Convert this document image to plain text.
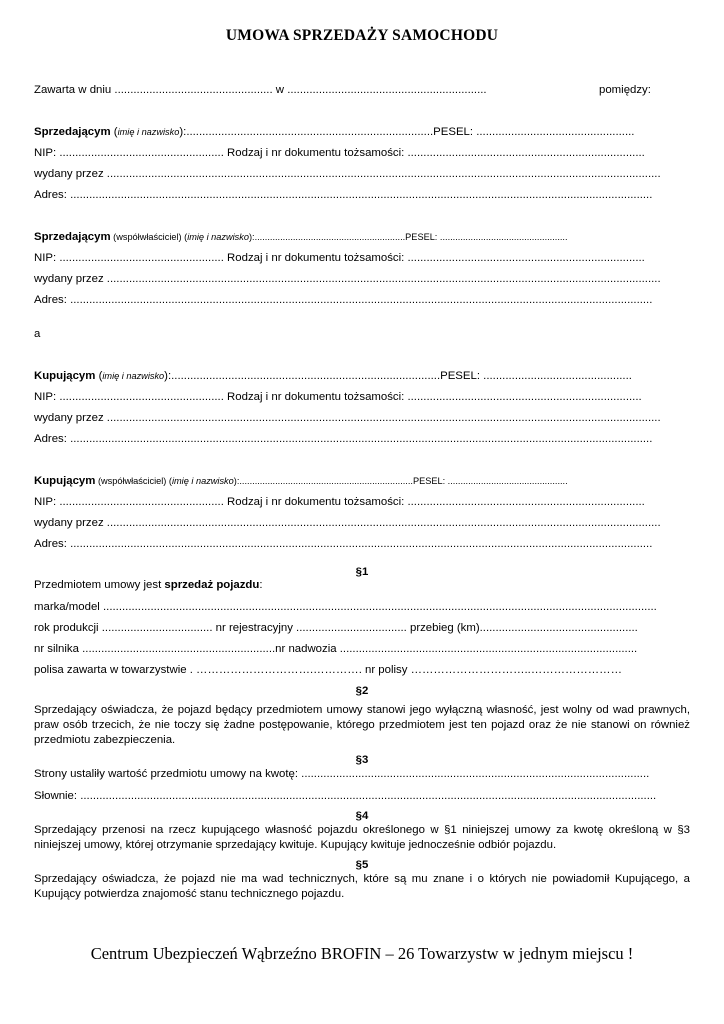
UMOWA SPRZEDAŻY SAMOCHODU
Zawarta w dniu .................................................. w ...............................................................	pomiędzy:
Sprzedającym (imię i nazwisko):..............................................................................PESEL: ..................................................
NIP: .................................................... Rodzaj i nr dokumentu tożsamości: ...........................................................................
wydany przez ...............................................................................................................................................................................
Adres: ........................................................................................................................................................................................
Sprzedającym (współwłaściciel) (imię i nazwisko):...........................................................PESEL: ..................................................
NIP: .................................................... Rodzaj i nr dokumentu tożsamości: ...........................................................................
wydany przez ...............................................................................................................................................................................
Adres: ........................................................................................................................................................................................
a
Kupującym (imię i nazwisko):.....................................................................................PESEL: ...............................................
NIP: .................................................... Rodzaj i nr dokumentu tożsamości: ..........................................................................
wydany przez ...............................................................................................................................................................................
Adres: ........................................................................................................................................................................................
Kupującym (współwłaściciel) (imię i nazwisko):....................................................................PESEL: ...............................................
NIP: .................................................... Rodzaj i nr dokumentu tożsamości: ...........................................................................
wydany przez ...............................................................................................................................................................................
Adres: ........................................................................................................................................................................................
§1
Przedmiotem umowy jest sprzedaż pojazdu:
marka/model ...............................................................................................................................................................................
rok produkcji ................................... nr rejestracyjny ................................... przebieg (km)..................................................
nr silnika .............................................................nr nadwozia ..............................................................................................
polisa zawarta w towarzystwie . ………………………….…………. nr polisy …………………………..……………………
§2
Sprzedający oświadcza, że pojazd będący przedmiotem umowy stanowi jego wyłączną własność, jest wolny od wad prawnych, praw osób trzecich, że nie toczy się żadne postępowanie, którego przedmiotem jest ten pojazd oraz że nie stanowi on również przedmiotu zabezpieczenia.
§3
Strony ustaliły wartość przedmiotu umowy na kwotę: ..............................................................................................................
Słownie: ......................................................................................................................................................................................
§4
Sprzedający przenosi na rzecz kupującego własność pojazdu określonego w §1 niniejszej umowy za kwotę określoną w §3 niniejszej umowy, której otrzymanie sprzedający kwituje. Kupujący kwituje jednocześnie odbiór pojazdu.
§5
Sprzedający oświadcza, że pojazd nie ma wad technicznych, które są mu znane i o których nie powiadomił Kupującego, a Kupujący potwierdza znajomość stanu technicznego pojazdu.
Centrum Ubezpieczeń Wąbrzeźno BROFIN – 26 Towarzystw w jednym miejscu !
